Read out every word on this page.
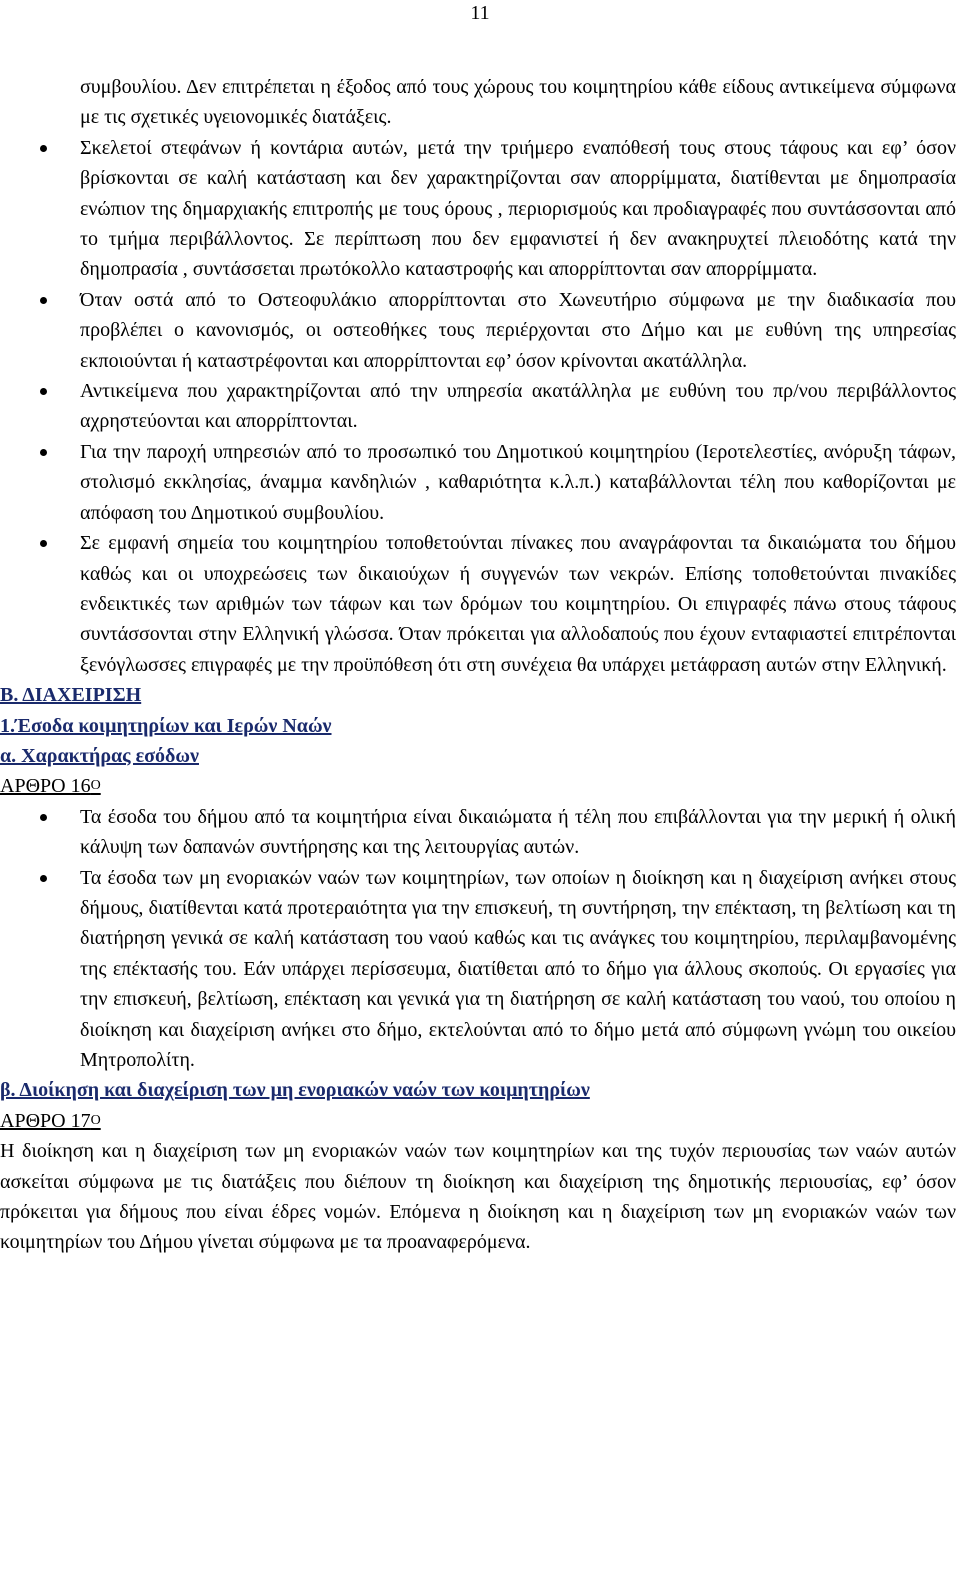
11

συμβουλίου. Δεν επιτρέπεται η έξοδος από τους χώρους του κοιμητηρίου κάθε είδους αντικείμενα σύμφωνα με τις σχετικές υγειονομικές διατάξεις.

Σκελετοί στεφάνων ή κοντάρια αυτών, μετά την τριήμερο εναπόθεσή τους στους τάφους και εφ’ όσον βρίσκονται σε καλή κατάσταση και δεν χαρακτηρίζονται σαν απορρίμματα, διατίθενται με δημοπρασία ενώπιον της δημαρχιακής επιτροπής με τους όρους , περιορισμούς και προδιαγραφές που συντάσσονται από το τμήμα περιβάλλοντος. Σε περίπτωση που δεν εμφανιστεί ή δεν ανακηρυχτεί πλειοδότης κατά την δημοπρασία , συντάσσεται πρωτόκολλο καταστροφής και απορρίπτονται σαν απορρίμματα.
Όταν οστά από το Οστεοφυλάκιο απορρίπτονται στο Χωνευτήριο σύμφωνα με την διαδικασία που προβλέπει ο κανονισμός, οι οστεοθήκες τους περιέρχονται στο Δήμο και με ευθύνη της υπηρεσίας εκποιούνται ή καταστρέφονται και απορρίπτονται εφ’ όσον κρίνονται ακατάλληλα.
Αντικείμενα που χαρακτηρίζονται από την υπηρεσία ακατάλληλα με ευθύνη του πρ/νου περιβάλλοντος αχρηστεύονται και απορρίπτονται.
Για την παροχή υπηρεσιών από το προσωπικό του Δημοτικού κοιμητηρίου (Ιεροτελεστίες, ανόρυξη τάφων, στολισμό εκκλησίας, άναμμα κανδηλιών , καθαριότητα κ.λ.π.) καταβάλλονται τέλη που καθορίζονται με απόφαση του Δημοτικού συμβουλίου.
Σε εμφανή σημεία του κοιμητηρίου τοποθετούνται πίνακες που αναγράφονται τα δικαιώματα του δήμου καθώς και οι υποχρεώσεις των δικαιούχων ή συγγενών των νεκρών. Επίσης τοποθετούνται πινακίδες ενδεικτικές των αριθμών των τάφων και των δρόμων του κοιμητηρίου. Οι επιγραφές πάνω στους τάφους συντάσσονται στην Ελληνική γλώσσα. Όταν πρόκειται για αλλοδαπούς που έχουν ενταφιαστεί επιτρέπονται ξενόγλωσσες επιγραφές με την προϋπόθεση ότι στη συνέχεια θα υπάρχει μετάφραση αυτών στην Ελληνική.

Β. ΔΙΑΧΕΙΡΙΣΗ

1.Έσοδα κοιμητηρίων και Ιερών Ναών

α. Χαρακτήρας εσόδων

ΑΡΘΡΟ $16^O$

Τα έσοδα του δήμου από τα κοιμητήρια είναι δικαιώματα ή τέλη που επιβάλλονται για την μερική ή ολική κάλυψη των δαπανών συντήρησης και της λειτουργίας αυτών.
Τα έσοδα των μη ενοριακών ναών των κοιμητηρίων, των οποίων η διοίκηση και η διαχείριση ανήκει στους δήμους, διατίθενται κατά προτεραιότητα για την επισκευή, τη συντήρηση, την επέκταση, τη βελτίωση και τη διατήρηση γενικά σε καλή κατάσταση του ναού καθώς και τις ανάγκες του κοιμητηρίου, περιλαμβανομένης της επέκτασής του. Εάν υπάρχει περίσσευμα, διατίθεται από το δήμο για άλλους σκοπούς. Οι εργασίες για την επισκευή, βελτίωση, επέκταση και γενικά για τη διατήρηση σε καλή κατάσταση του ναού, του οποίου η διοίκηση και διαχείριση ανήκει στο δήμο, εκτελούνται από το δήμο μετά από σύμφωνη γνώμη του οικείου Μητροπολίτη.

β. Διοίκηση και διαχείριση των μη ενοριακών ναών των κοιμητηρίων

ΑΡΘΡΟ $17^O$

Η διοίκηση και η διαχείριση των μη ενοριακών ναών των κοιμητηρίων και της τυχόν περιουσίας των ναών αυτών ασκείται σύμφωνα με τις διατάξεις που διέπουν τη διοίκηση και διαχείριση της δημοτικής περιουσίας, εφ’ όσον πρόκειται για δήμους που είναι έδρες νομών. Επόμενα η διοίκηση και η διαχείριση των μη ενοριακών ναών των κοιμητηρίων του Δήμου γίνεται σύμφωνα με τα προαναφερόμενα.
